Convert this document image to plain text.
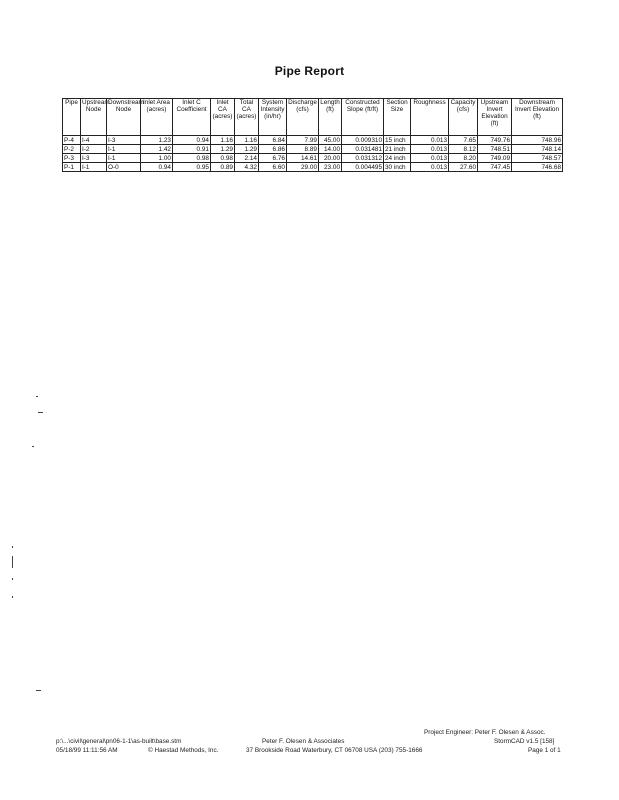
Pipe Report
Pipe	Upstream Node	Downstream Node	Inlet Area (acres)	Inlet C Coefficient	Inlet CA (acres)	Total CA (acres)	System Intensity (in/hr)	Discharge (cfs)	Length (ft)	Constructed Slope (ft/ft)	Section Size	Roughness	Capacity (cfs)	Upstream Invert Elevation (ft)	Downstream Invert Elevation (ft)
P-4	I-4	I-3	1.23	0.94	1.16	1.16	6.84	7.99	45.00	0.009310	15 inch	0.013	7.65	749.76	748.96
P-2	I-2	I-1	1.42	0.91	1.29	1.29	6.86	8.89	14.00	0.031481	21 inch	0.013	8.12	748.51	748.14
P-3	I-3	I-1	1.00	0.98	0.98	2.14	6.76	14.61	20.00	0.031312	24 inch	0.013	8.20	749.09	748.57
P-1	I-1	O-0	0.94	0.95	0.89	4.32	6.60	29.00	23.00	0.004495	30 inch	0.013	27.60	747.45	746.68
p:\...\civil\general\pn06-1-1\as-built\base.stm
05/18/99 11:11:56 AM	© Haestad Methods, Inc.
Peter F. Olesen & Associates
37 Brookside Road Waterbury, CT 06708 USA (203) 755-1666
Project Engineer: Peter F. Olesen & Assoc.
StormCAD v1.5 [158]
Page 1 of 1
